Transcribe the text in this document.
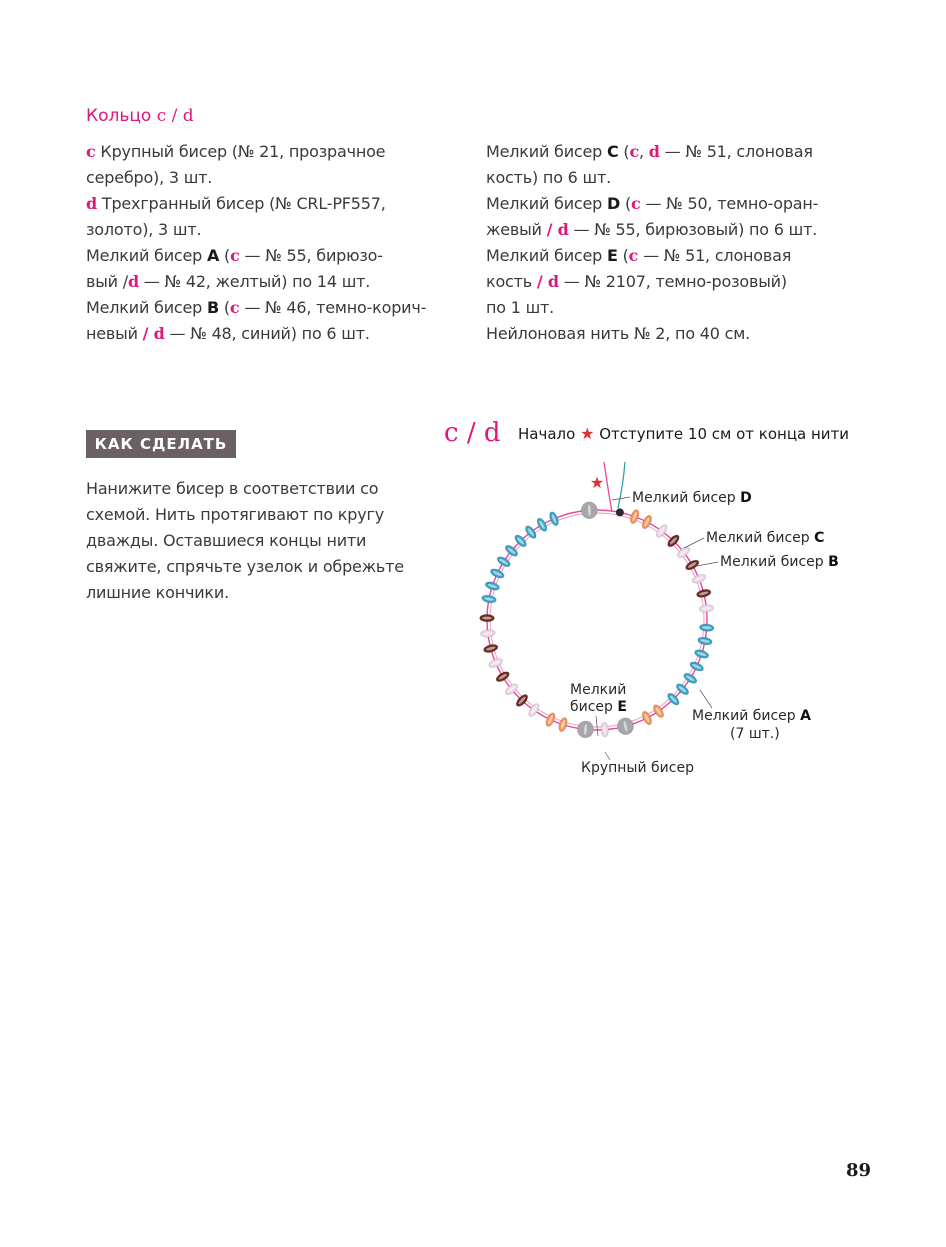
Кольцо c / d
c Крупный бисер (№ 21, прозрачное
серебро), 3 шт.
d Трехгранный бисер (№ CRL-PF557,
золото), 3 шт.
Мелкий бисер A (c — № 55, бирюзо-
вый /d — № 42, желтый) по 14 шт.
Мелкий бисер B (c — № 46, темно-корич-
невый / d — № 48, синий) по 6 шт.
Мелкий бисер C (c, d — № 51, слоновая
кость) по 6 шт.
Мелкий бисер D (c — № 50, темно-оран-
жевый / d — № 55, бирюзовый) по 6 шт.
Мелкий бисер E (c — № 51, слоновая
кость / d — № 2107, темно-розовый)
по 1 шт.
Нейлоновая нить № 2, по 40 см.
КАК СДЕЛАТЬ
Нанижите бисер в соответствии со
схемой. Нить протягивают по кругу
дважды. Оставшиеся концы нити
свяжите, спрячьте узелок и обрежьте
лишние кончики.
c / d Начало ★ Отступите 10 см от конца нити
★
Мелкий бисер D
Мелкий бисер C
Мелкий бисер B
Мелкий бисер A
(7 шт.)
Мелкий
бисер E
Крупный бисер
89
